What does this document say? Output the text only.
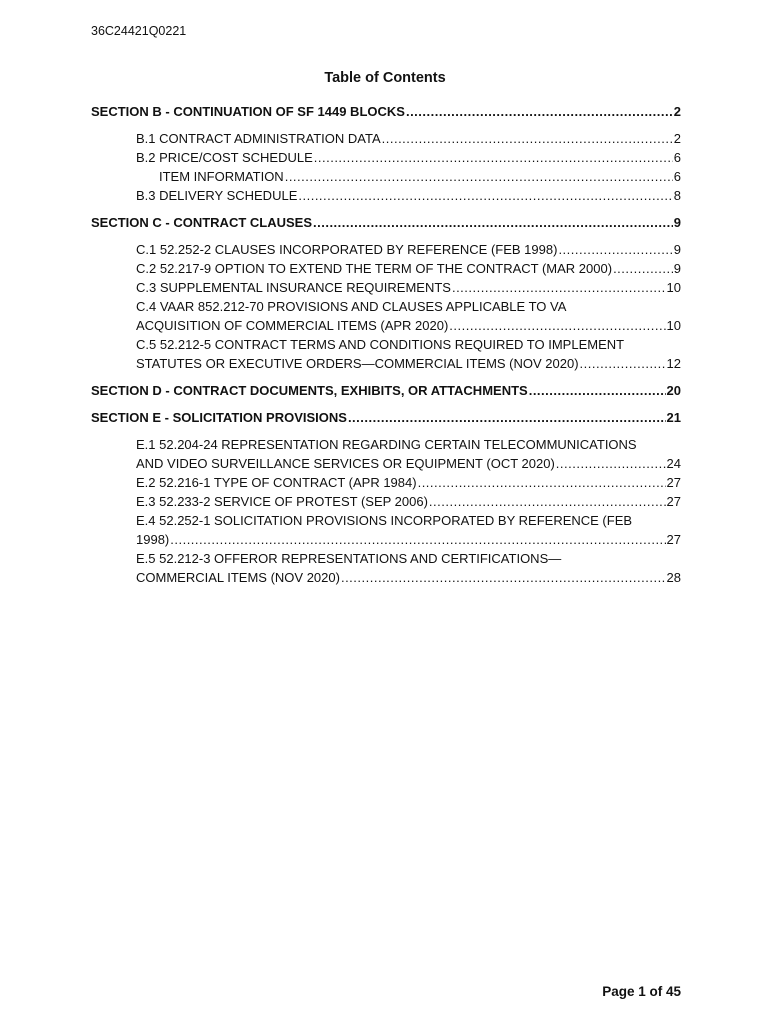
36C24421Q0221
Table of Contents
SECTION B - CONTINUATION OF SF 1449 BLOCKS .....	2
B.1 CONTRACT ADMINISTRATION DATA .....	2
B.2 PRICE/COST SCHEDULE .....	6
ITEM INFORMATION .....	6
B.3 DELIVERY SCHEDULE .....	8
SECTION C - CONTRACT CLAUSES .....	9
C.1 52.252-2 CLAUSES INCORPORATED BY REFERENCE (FEB 1998) .....	9
C.2 52.217-9 OPTION TO EXTEND THE TERM OF THE CONTRACT (MAR 2000) .....	9
C.3 SUPPLEMENTAL INSURANCE REQUIREMENTS .....	10
C.4 VAAR 852.212-70 PROVISIONS AND CLAUSES APPLICABLE TO VA
ACQUISITION OF COMMERCIAL ITEMS (APR 2020) .....	10
C.5 52.212-5 CONTRACT TERMS AND CONDITIONS REQUIRED TO IMPLEMENT
STATUTES OR EXECUTIVE ORDERS—COMMERCIAL ITEMS (NOV 2020) .....	12
SECTION D - CONTRACT DOCUMENTS, EXHIBITS, OR ATTACHMENTS .....	20
SECTION E - SOLICITATION PROVISIONS .....	21
E.1 52.204-24 REPRESENTATION REGARDING CERTAIN TELECOMMUNICATIONS
AND VIDEO SURVEILLANCE SERVICES OR EQUIPMENT (OCT 2020) .....	24
E.2 52.216-1 TYPE OF CONTRACT (APR 1984) .....	27
E.3 52.233-2 SERVICE OF PROTEST (SEP 2006) .....	27
E.4 52.252-1 SOLICITATION PROVISIONS INCORPORATED BY REFERENCE (FEB
1998) .....	27
E.5 52.212-3 OFFEROR REPRESENTATIONS AND CERTIFICATIONS—
COMMERCIAL ITEMS (NOV 2020) .....	28
Page 1 of 45
